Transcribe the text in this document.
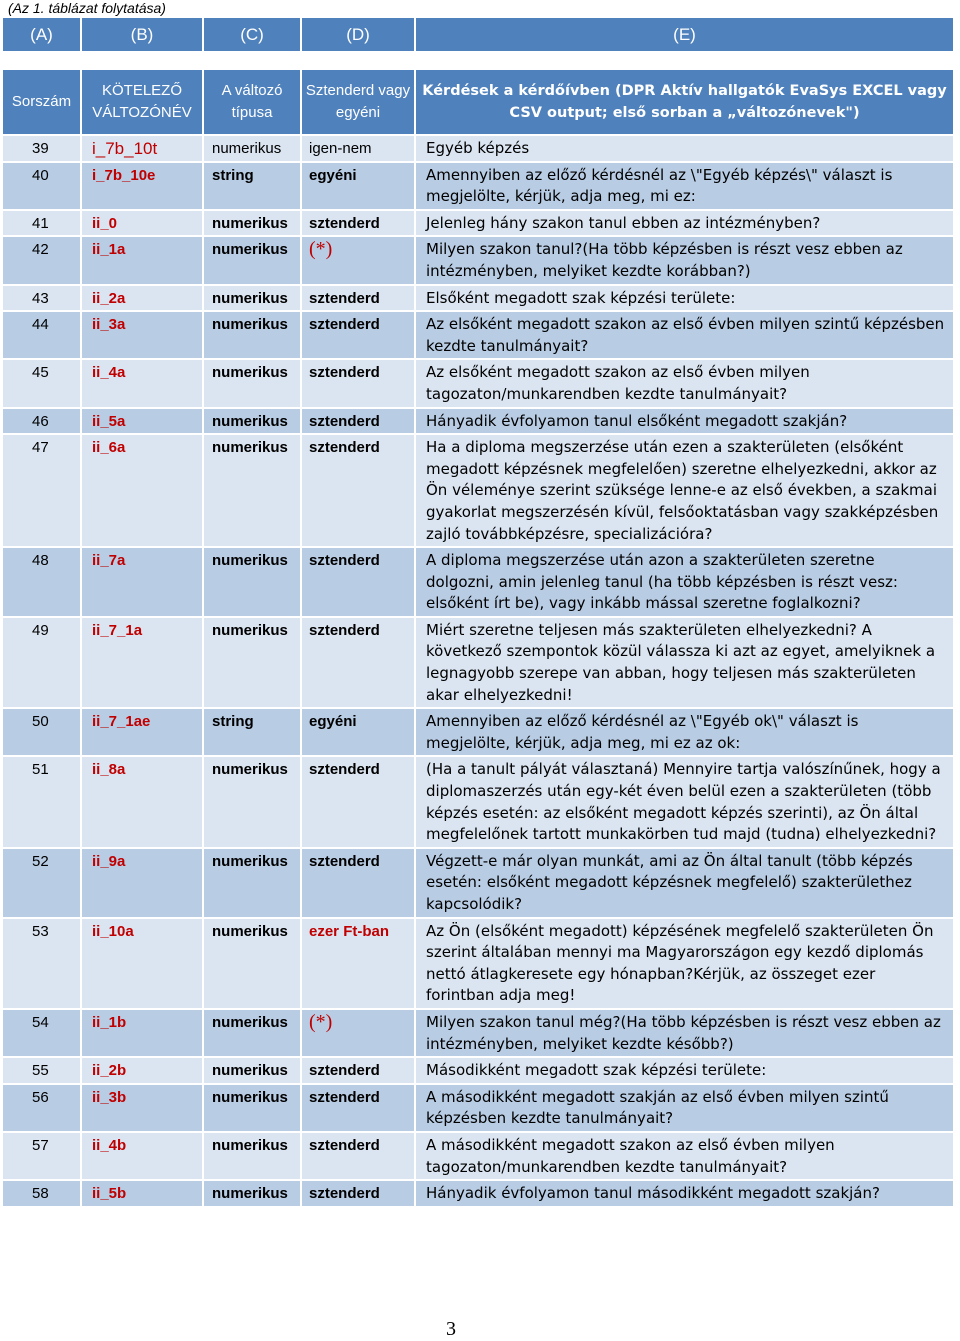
(Az 1. táblázat folytatása)
(A)	(B)	(C)	(D)	(E)
Sorszám	KÖTELEZŐ VÁLTOZÓNÉV	A változó típusa	Sztenderd vagy egyéni	Kérdések a kérdőívben (DPR Aktív hallgatók EvaSys EXCEL vagy CSV output; első sorban a „változónevek")
39	i_7b_10t	numerikus	igen-nem	Egyéb képzés
40	i_7b_10e	string	egyéni	Amennyiben az előző kérdésnél az \"Egyéb képzés\" választ is megjelölte, kérjük, adja meg, mi ez:
41	ii_0	numerikus	sztenderd	Jelenleg hány szakon tanul ebben az intézményben?
42	ii_1a	numerikus	(*)	Milyen szakon tanul?(Ha több képzésben is részt vesz ebben az intézményben, melyiket kezdte korábban?)
43	ii_2a	numerikus	sztenderd	Elsőként megadott szak képzési területe:
44	ii_3a	numerikus	sztenderd	Az elsőként megadott szakon az első évben milyen szintű képzésben kezdte tanulmányait?
45	ii_4a	numerikus	sztenderd	Az elsőként megadott szakon az első évben milyen tagozaton/munkarendben kezdte tanulmányait?
46	ii_5a	numerikus	sztenderd	Hányadik évfolyamon tanul elsőként megadott szakján?
47	ii_6a	numerikus	sztenderd	Ha a diploma megszerzése után ezen a szakterületen (elsőként megadott képzésnek megfelelően) szeretne elhelyezkedni, akkor az Ön véleménye szerint szüksége lenne-e az első években, a szakmai gyakorlat megszerzésén kívül, felsőoktatásban vagy szakképzésben zajló továbbképzésre, specializációra?
48	ii_7a	numerikus	sztenderd	A diploma megszerzése után azon a szakterületen szeretne dolgozni, amin jelenleg tanul (ha több képzésben is részt vesz: elsőként írt be), vagy inkább mással szeretne foglalkozni?
49	ii_7_1a	numerikus	sztenderd	Miért szeretne teljesen más szakterületen elhelyezkedni? A következő szempontok közül válassza ki azt az egyet, amelyiknek a legnagyobb szerepe van abban, hogy teljesen más szakterületen akar elhelyezkedni!
50	ii_7_1ae	string	egyéni	Amennyiben az előző kérdésnél az \"Egyéb ok\" választ is megjelölte, kérjük, adja meg, mi ez az ok:
51	ii_8a	numerikus	sztenderd	(Ha a tanult pályát választaná) Mennyire tartja valószínűnek, hogy a diplomaszerzés után egy-két éven belül ezen a szakterületen (több képzés esetén: az elsőként megadott képzés szerinti), az Ön által megfelelőnek tartott munkakörben tud majd (tudna) elhelyezkedni?
52	ii_9a	numerikus	sztenderd	Végzett-e már olyan munkát, ami az Ön által tanult (több képzés esetén: elsőként megadott képzésnek megfelelő) szakterülethez kapcsolódik?
53	ii_10a	numerikus	ezer Ft-ban	Az Ön (elsőként megadott) képzésének megfelelő szakterületen Ön szerint általában mennyi ma Magyarországon egy kezdő diplomás nettó átlagkeresete egy hónapban?Kérjük, az összeget ezer forintban adja meg!
54	ii_1b	numerikus	(*)	Milyen szakon tanul még?(Ha több képzésben is részt vesz ebben az intézményben, melyiket kezdte később?)
55	ii_2b	numerikus	sztenderd	Másodikként megadott szak képzési területe:
56	ii_3b	numerikus	sztenderd	A másodikként megadott szakján az első évben milyen szintű képzésben kezdte tanulmányait?
57	ii_4b	numerikus	sztenderd	A másodikként megadott szakon az első évben milyen tagozaton/munkarendben kezdte tanulmányait?
58	ii_5b	numerikus	sztenderd	Hányadik évfolyamon tanul másodikként megadott szakján?
3
